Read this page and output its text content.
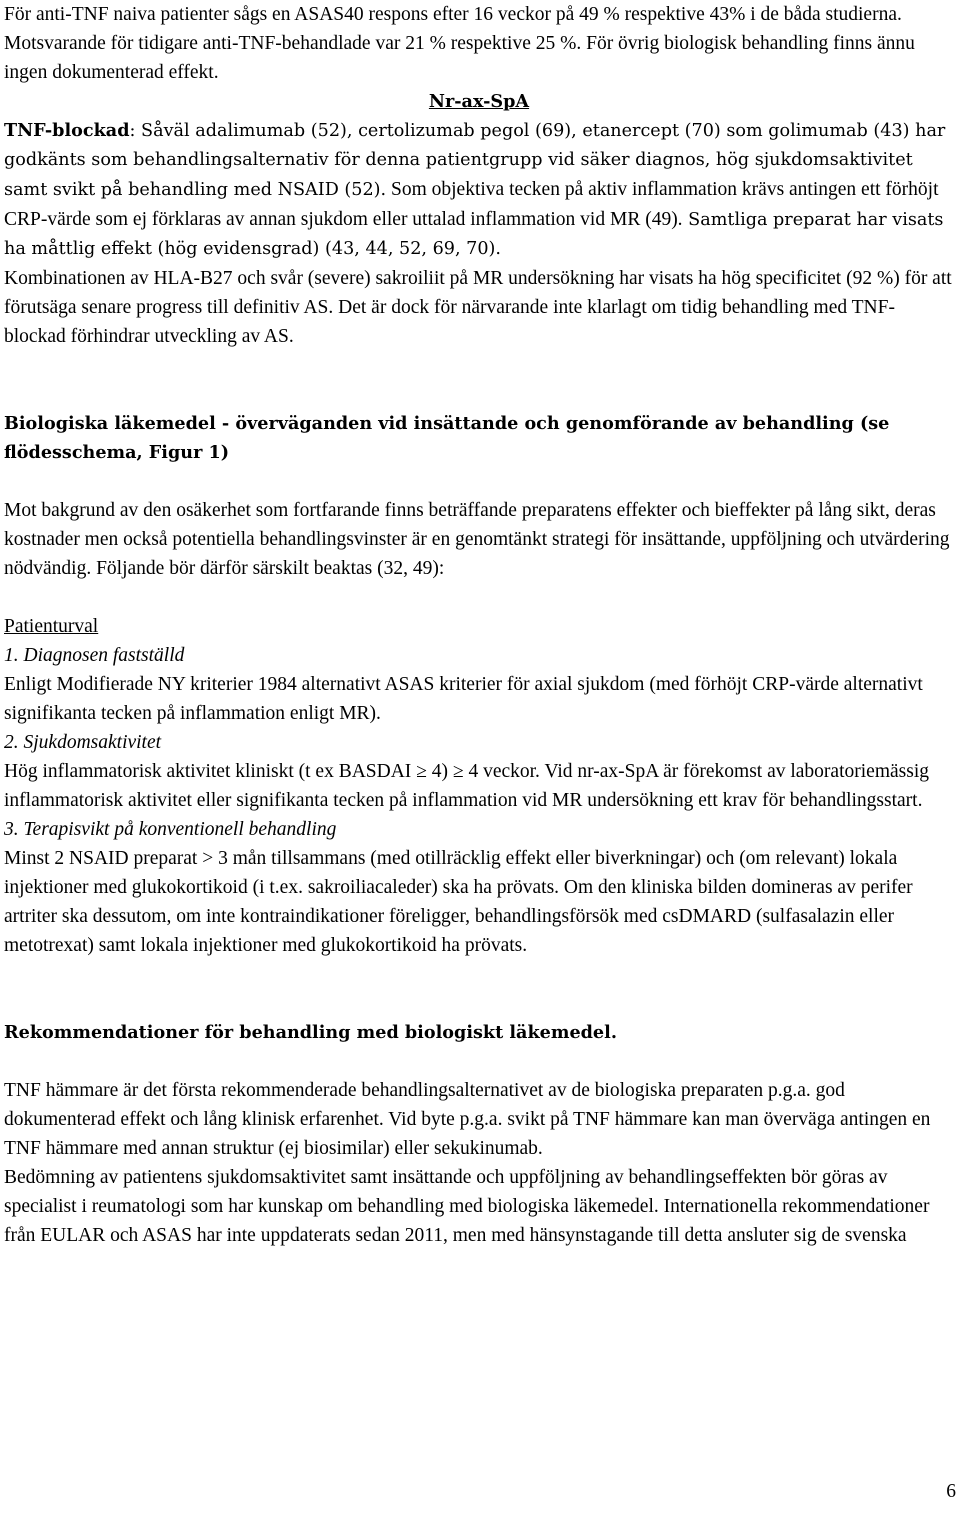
För anti-TNF naiva patienter sågs en ASAS40 respons efter 16 veckor på 49 % respektive 43% i de båda studierna. Motsvarande för tidigare anti-TNF-behandlade var 21 % respektive 25 %. För övrig biologisk behandling finns ännu ingen dokumenterad effekt.

Nr-ax-SpA

TNF-blockad: Såväl adalimumab (52), certolizumab pegol (69), etanercept (70) som golimumab (43) har godkänts som behandlingsalternativ för denna patientgrupp vid säker diagnos, hög sjukdomsaktivitet samt svikt på behandling med NSAID (52). Som objektiva tecken på aktiv inflammation krävs antingen ett förhöjt CRP-värde som ej förklaras av annan sjukdom eller uttalad inflammation vid MR (49). Samtliga preparat har visats ha måttlig effekt (hög evidensgrad) (43, 44, 52, 69, 70).

Kombinationen av HLA-B27 och svår (severe) sakroiliit på MR undersökning har visats ha hög specificitet (92 %) för att förutsäga senare progress till definitiv AS. Det är dock för närvarande inte klarlagt om tidig behandling med TNF-blockad förhindrar utveckling av AS.

Biologiska läkemedel - överväganden vid insättande och genomförande av behandling (se flödesschema, Figur 1)

Mot bakgrund av den osäkerhet som fortfarande finns beträffande preparatens effekter och bieffekter på lång sikt, deras kostnader men också potentiella behandlingsvinster är en genomtänkt strategi för insättande, uppföljning och utvärdering nödvändig. Följande bör därför särskilt beaktas (32, 49):

Patienturval

1. Diagnosen fastställd

Enligt Modifierade NY kriterier 1984 alternativt ASAS kriterier för axial sjukdom (med förhöjt CRP-värde alternativt signifikanta tecken på inflammation enligt MR).

2. Sjukdomsaktivitet

Hög inflammatorisk aktivitet kliniskt (t ex BASDAI ≥ 4) ≥ 4 veckor. Vid nr-ax-SpA är förekomst av laboratoriemässig inflammatorisk aktivitet eller signifikanta tecken på inflammation vid MR undersökning ett krav för behandlingsstart.

3. Terapisvikt på konventionell behandling

Minst 2 NSAID preparat > 3 mån tillsammans (med otillräcklig effekt eller biverkningar) och (om relevant) lokala injektioner med glukokortikoid (i t.ex. sakroiliacaleder) ska ha prövats. Om den kliniska bilden domineras av perifer artriter ska dessutom, om inte kontraindikationer föreligger, behandlingsförsök med csDMARD (sulfasalazin eller metotrexat) samt lokala injektioner med glukokortikoid ha prövats.

Rekommendationer för behandling med biologiskt läkemedel.

TNF hämmare är det första rekommenderade behandlingsalternativet av de biologiska preparaten p.g.a. god dokumenterad effekt och lång klinisk erfarenhet. Vid byte p.g.a. svikt på TNF hämmare kan man överväga antingen en TNF hämmare med annan struktur (ej biosimilar) eller sekukinumab.

Bedömning av patientens sjukdomsaktivitet samt insättande och uppföljning av behandlingseffekten bör göras av specialist i reumatologi som har kunskap om behandling med biologiska läkemedel. Internationella rekommendationer från EULAR och ASAS har inte uppdaterats sedan 2011, men med hänsynstagande till detta ansluter sig de svenska

6
